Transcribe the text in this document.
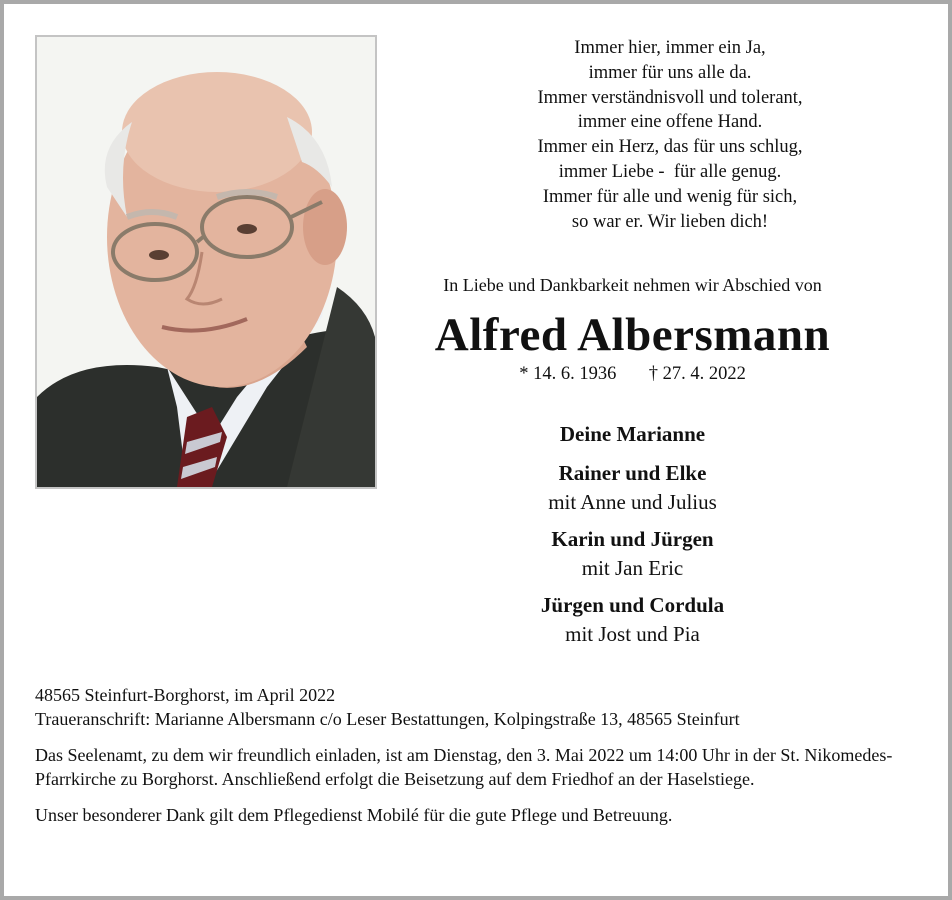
Immer hier, immer ein Ja,
immer für uns alle da.
Immer verständnisvoll und tolerant,
immer eine offene Hand.
Immer ein Herz, das für uns schlug,
immer Liebe -  für alle genug.
Immer für alle und wenig für sich,
so war er. Wir lieben dich!
In Liebe und Dankbarkeit nehmen wir Abschied von
Alfred Albersmann
* 14. 6. 1936 † 27. 4. 2022
Deine Marianne
Rainer und Elke
mit Anne und Julius
Karin und Jürgen
mit Jan Eric
Jürgen und Cordula
mit Jost und Pia

48565 Steinfurt-Borghorst, im April 2022

Traueranschrift: Marianne Albersmann c/o Leser Bestattungen, Kolpingstraße 13, 48565 Steinfurt

Das Seelenamt, zu dem wir freundlich einladen, ist am Dienstag, den 3. Mai 2022 um 14:00 Uhr in der St. Nikomedes-Pfarrkirche zu Borghorst. Anschließend erfolgt die Beisetzung auf dem Friedhof an der Haselstiege.

Unser besonderer Dank gilt dem Pflegedienst Mobilé für die gute Pflege und Betreuung.
